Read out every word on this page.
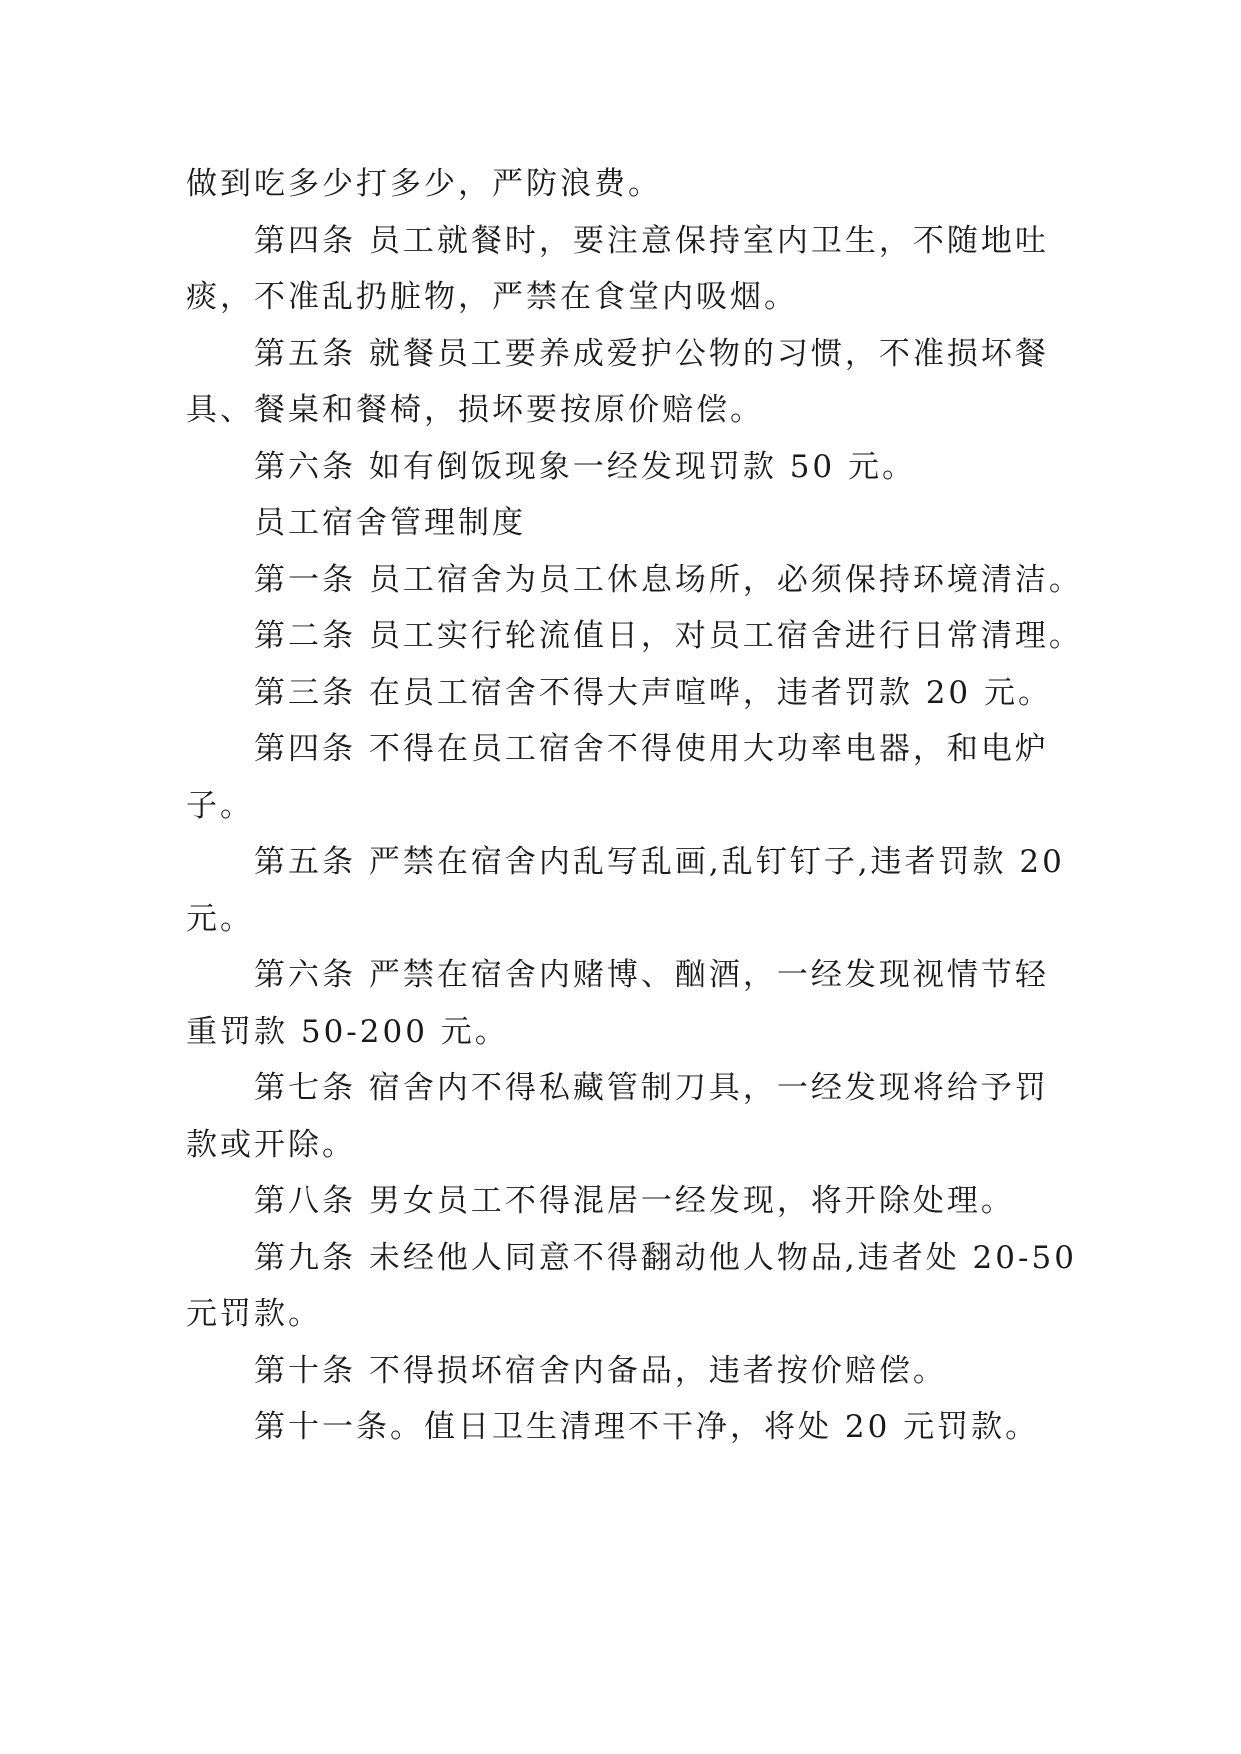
做到吃多少打多少，严防浪费。
第四条 员工就餐时，要注意保持室内卫生，不随地吐
痰，不准乱扔脏物，严禁在食堂内吸烟。
第五条 就餐员工要养成爱护公物的习惯，不准损坏餐
具、餐桌和餐椅，损坏要按原价赔偿。
第六条 如有倒饭现象一经发现罚款 50 元。
员工宿舍管理制度
第一条 员工宿舍为员工休息场所，必须保持环境清洁。
第二条 员工实行轮流值日，对员工宿舍进行日常清理。
第三条 在员工宿舍不得大声喧哗，违者罚款 20 元。
第四条 不得在员工宿舍不得使用大功率电器，和电炉
子。
第五条 严禁在宿舍内乱写乱画,乱钉钉子,违者罚款 20
元。
第六条 严禁在宿舍内赌博、酗酒，一经发现视情节轻
重罚款 50-200 元。
第七条 宿舍内不得私藏管制刀具，一经发现将给予罚
款或开除。
第八条 男女员工不得混居一经发现，将开除处理。
第九条 未经他人同意不得翻动他人物品,违者处 20-50
元罚款。
第十条 不得损坏宿舍内备品，违者按价赔偿。
第十一条。值日卫生清理不干净，将处 20 元罚款。
